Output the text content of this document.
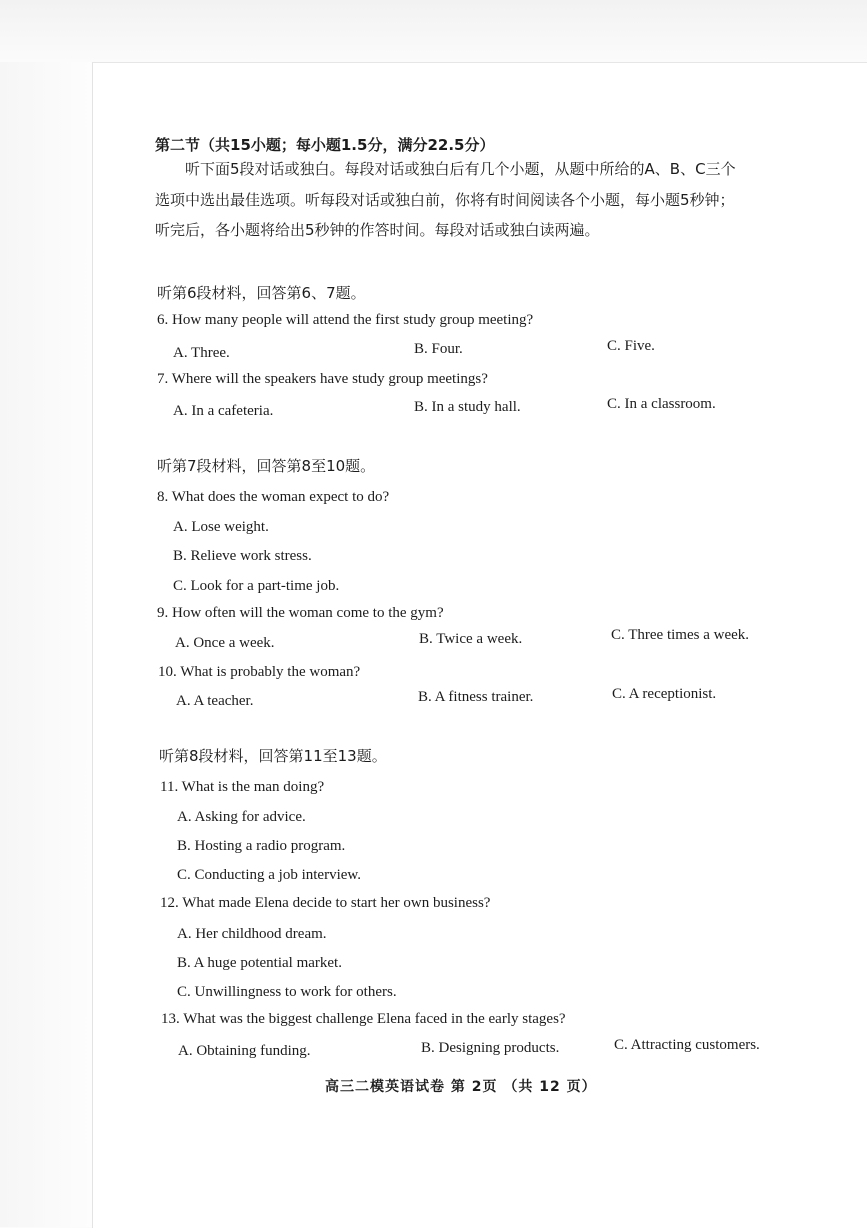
第二节（共15小题；每小题1.5分，满分22.5分）
听下面5段对话或独白。每段对话或独白后有几个小题，从题中所给的A、B、C三个
选项中选出最佳选项。听每段对话或独白前，你将有时间阅读各个小题，每小题5秒钟；
听完后，各小题将给出5秒钟的作答时间。每段对话或独白读两遍。
听第6段材料，回答第6、7题。
6. How many people will attend the first study group meeting?
A. Three.	B. Four.	C. Five.
7. Where will the speakers have study group meetings?
A. In a cafeteria.	B. In a study hall.	C. In a classroom.
听第7段材料，回答第8至10题。
8. What does the woman expect to do?
A. Lose weight.
B. Relieve work stress.
C. Look for a part-time job.
9. How often will the woman come to the gym?
A. Once a week.	B. Twice a week.	C. Three times a week.
10. What is probably the woman?
A. A teacher.	B. A fitness trainer.	C. A receptionist.
听第8段材料，回答第11至13题。
11. What is the man doing?
A. Asking for advice.
B. Hosting a radio program.
C. Conducting a job interview.
12. What made Elena decide to start her own business?
A. Her childhood dream.
B. A huge potential market.
C. Unwillingness to work for others.
13. What was the biggest challenge Elena faced in the early stages?
A. Obtaining funding.	B. Designing products.	C. Attracting customers.
高三二模英语试卷 第 2页 （共 12 页）
